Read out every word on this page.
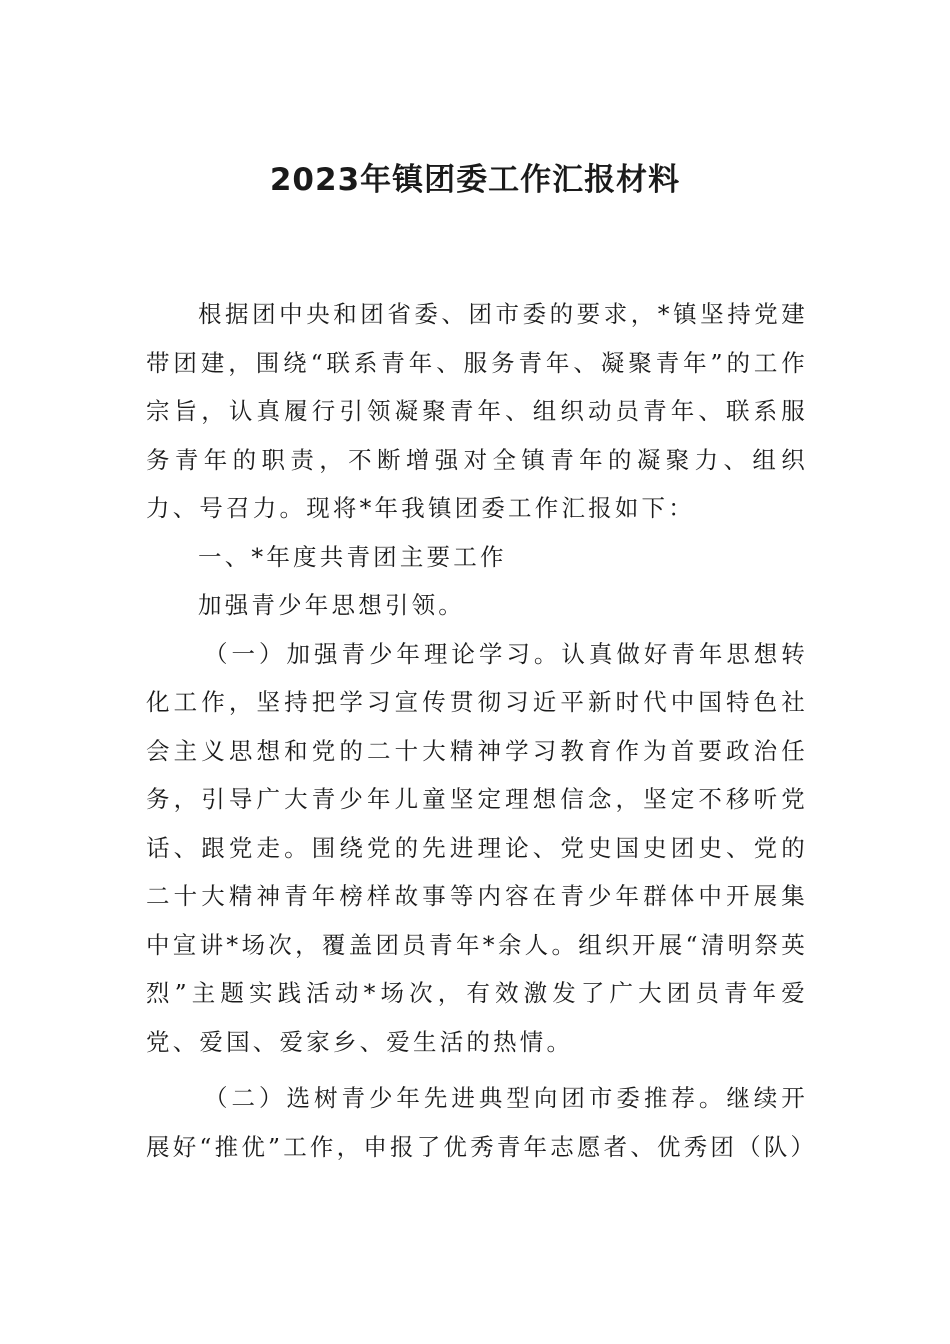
2023年镇团委工作汇报材料

根据团中央和团省委、团市委的要求，*镇坚持党建带团建，围绕“联系青年、服务青年、凝聚青年”的工作宗旨，认真履行引领凝聚青年、组织动员青年、联系服务青年的职责，不断增强对全镇青年的凝聚力、组织力、号召力。现将*年我镇团委工作汇报如下：

一、*年度共青团主要工作

加强青少年思想引领。

（一）加强青少年理论学习。认真做好青年思想转化工作，坚持把学习宣传贯彻习近平新时代中国特色社会主义思想和党的二十大精神学习教育作为首要政治任务，引导广大青少年儿童坚定理想信念，坚定不移听党话、跟党走。围绕党的先进理论、党史国史团史、党的二十大精神青年榜样故事等内容在青少年群体中开展集中宣讲*场次，覆盖团员青年*余人。组织开展“清明祭英烈”主题实践活动*场次，有效激发了广大团员青年爱党、爱国、爱家乡、爱生活的热情。

（二）选树青少年先进典型向团市委推荐。继续开展好“推优”工作，申报了优秀青年志愿者、优秀团（队）
